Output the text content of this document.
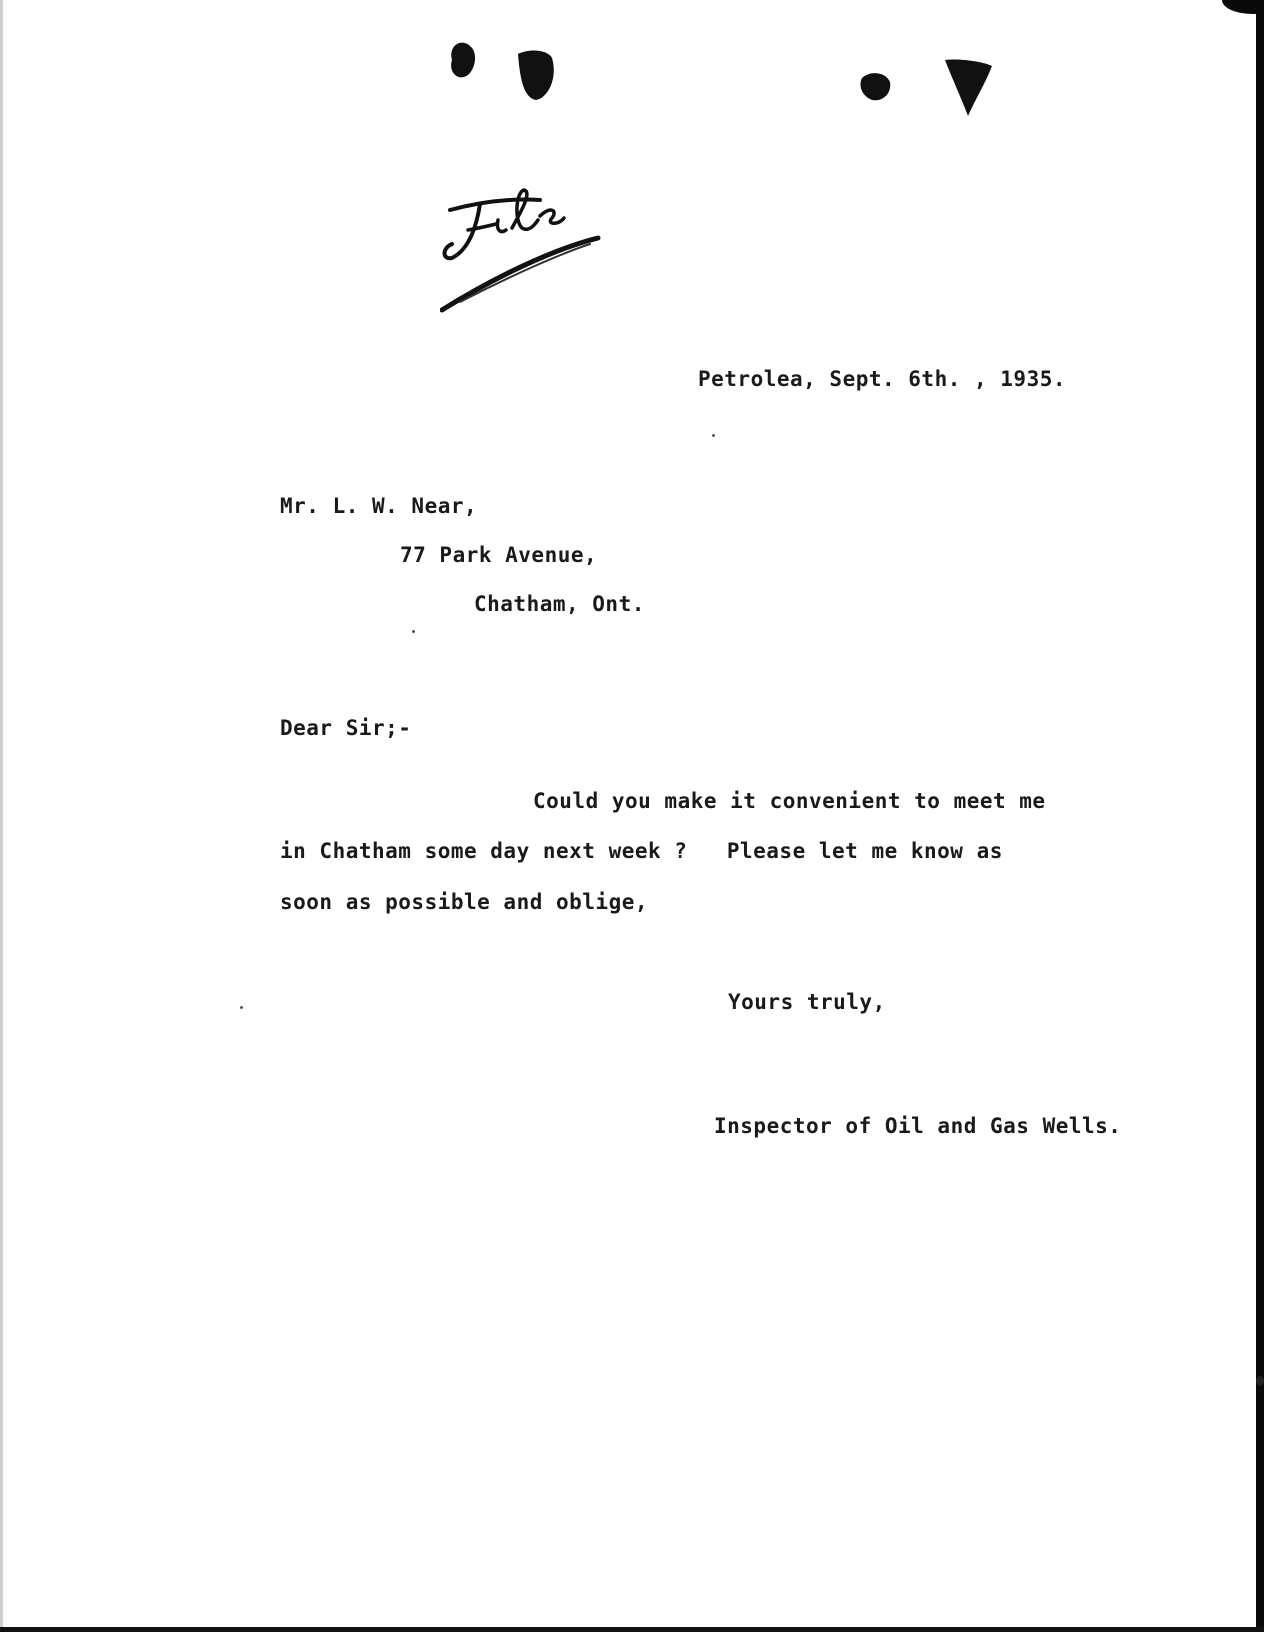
Petrolea, Sept. 6th. , 1935.
Mr. L. W. Near,
77 Park Avenue,
Chatham, Ont.
Dear Sir;-
Could you make it convenient to meet me
in Chatham some day next week ?   Please let me know as
soon as possible and oblige,
Yours truly,
Inspector of Oil and Gas Wells.
